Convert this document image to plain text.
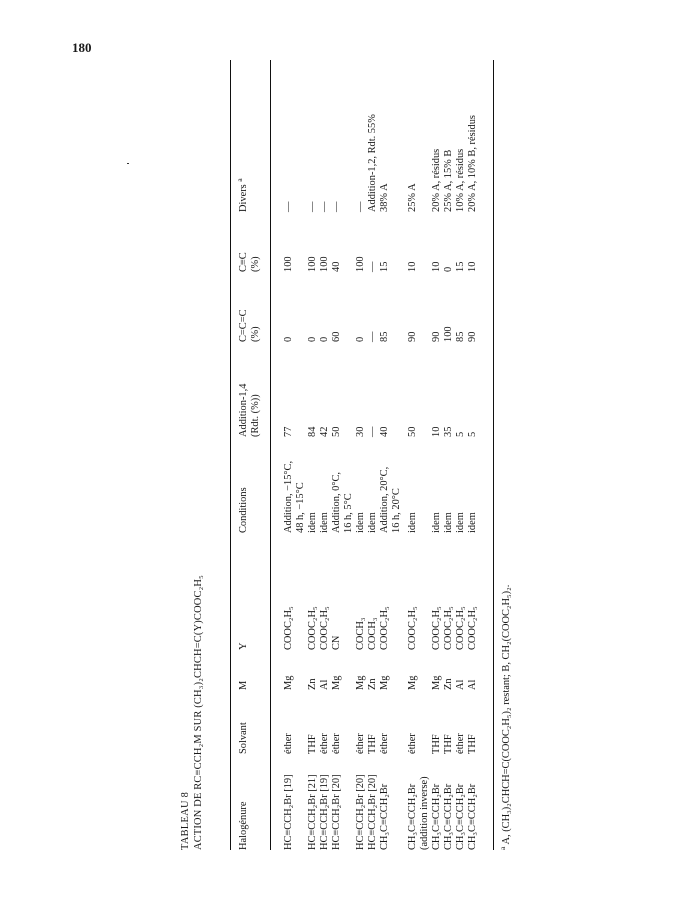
180
TABLEAU 8 ACTION DE RC≡CCH₂M SUR (CH₃)₂CHCH=C(Y)COOC₂H₅	Halogénure
Solvant
M
Y
Conditions
Addition-1,4
(Rdt. (%))
C=C=C
(%)
C≡C
(%)
Divers $^a$
HC≡CCH₂Br [19]
éther
Mg
COOC₂H₅
Addition, −15°C,
77
0
100
—
48 h, −15°C
HC≡CCH₂Br [21]
THF
Zn
COOC₂H₅
idem
84
0
100
—
HC≡CCH₂Br [19]
éther
Al
COOC₂H₅
idem
42
0
100
—
HC≡CCH₂Br [20]
éther
Mg
CN
Addition, 0°C,
50
60
40
—
16 h, 5°C
HC≡CCH₂Br [20]
éther
Mg
COCH₃
idem
30
0
100
—
HC≡CCH₂Br [20]
THF
Zn
COCH₃
idem
—
—
—
Addition-1,2, Rdt. 55%
CH₃C≡CCH₂Br
éther
Mg
COOC₂H₅
Addition, 20°C,
40
85
15
38% A
16 h, 20°C
CH₃C≡CCH₂Br
éther
Mg
COOC₂H₅
idem
50
90
10
25% A
(addition inverse) CH₃C≡CCH₂Br
THF
Mg
COOC₂H₅
idem
10
90
10
20% A, résidus
CH₃C≡CCH₂Br
THF
Zn
COOC₂H₅
idem
35
100
0
25% A, 15% B
CH₃C≡CCH₂Br
éther
Al
COOC₂H₅
idem
5
85
15
10% A, résidus
CH₃C≡CCH₂Br
THF
Al
COOC₂H₅
idem
5
90
10
20% A, 10% B, résidus
$^a$ A, (CH₃)₂CHCH=C(COOC₂H₅)₂ restant; B, CH₂(COOC₂H₅)₂.
